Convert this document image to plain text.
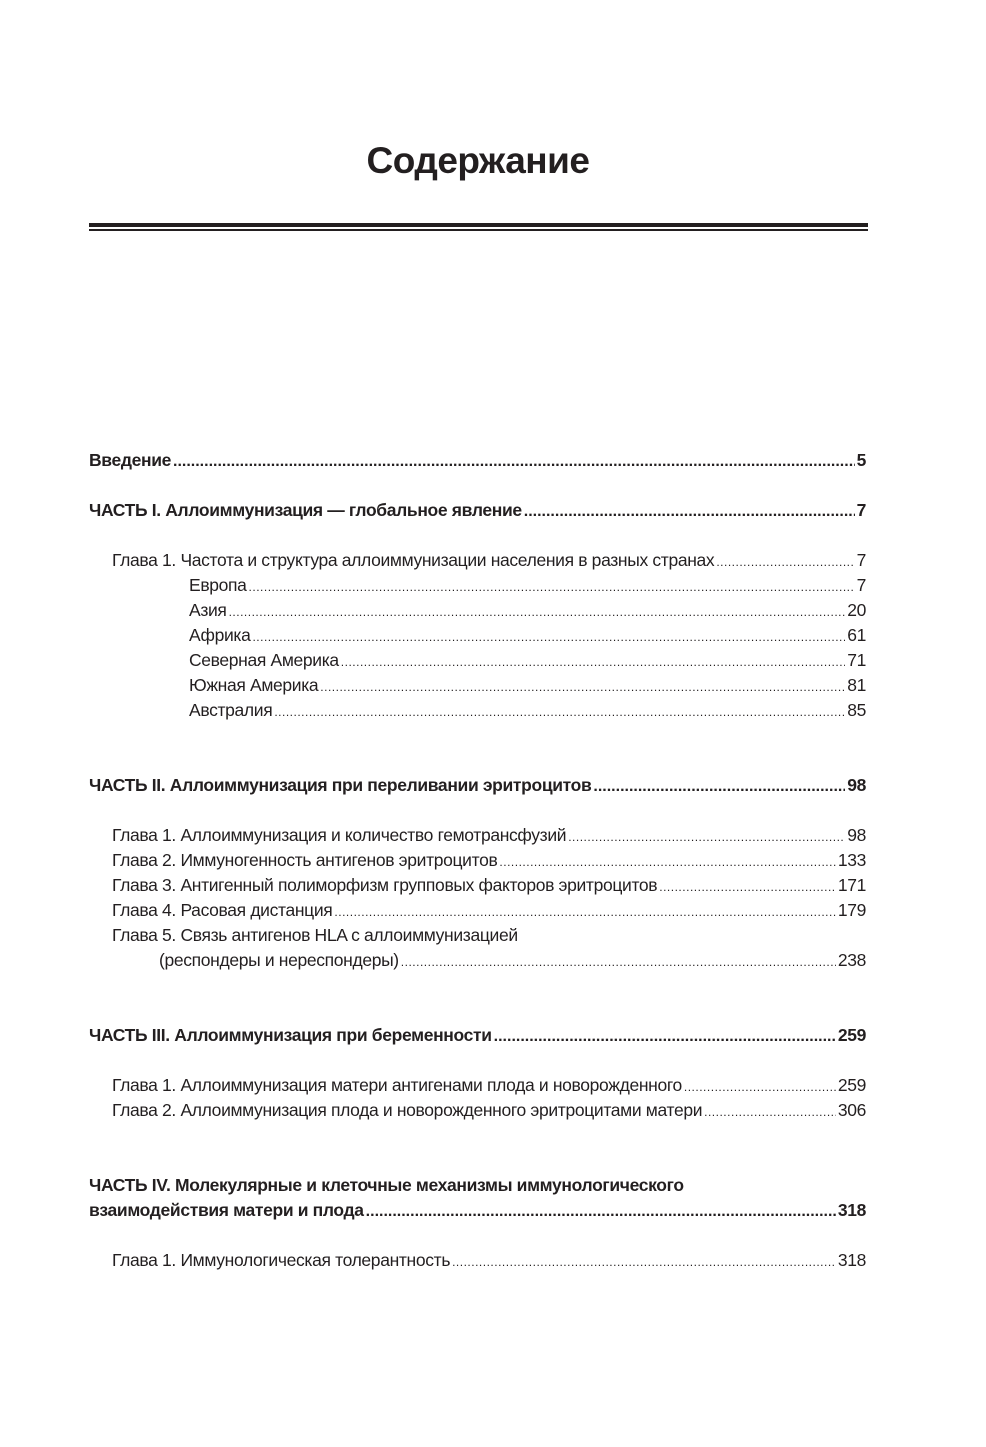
Содержание
Введение .....	5
ЧАСТЬ I. Аллоиммунизация — глобальное явление .....	7
Глава 1. Частота и структура аллоиммунизации населения в разных странах .....	7
Европа .....	7
Азия .....	20
Африка .....	61
Северная Америка .....	71
Южная Америка .....	81
Австралия .....	85
ЧАСТЬ II. Аллоиммунизация при переливании эритроцитов .....	98
Глава 1. Аллоиммунизация и количество гемотрансфузий .....	98
Глава 2. Иммуногенность антигенов эритроцитов .....	133
Глава 3. Антигенный полиморфизм групповых факторов эритроцитов .....	171
Глава 4. Расовая дистанция .....	179
Глава 5. Связь антигенов HLA с аллоиммунизацией
(респондеры и нереспондеры) .....	238
ЧАСТЬ III. Аллоиммунизация при беременности .....	259
Глава 1. Аллоиммунизация матери антигенами плода и новорожденного .....	259
Глава 2. Аллоиммунизация плода и новорожденного эритроцитами матери .....	306
ЧАСТЬ IV. Молекулярные и клеточные механизмы иммунологического
взаимодействия матери и плода .....	318
Глава 1. Иммунологическая толерантность .....	318
